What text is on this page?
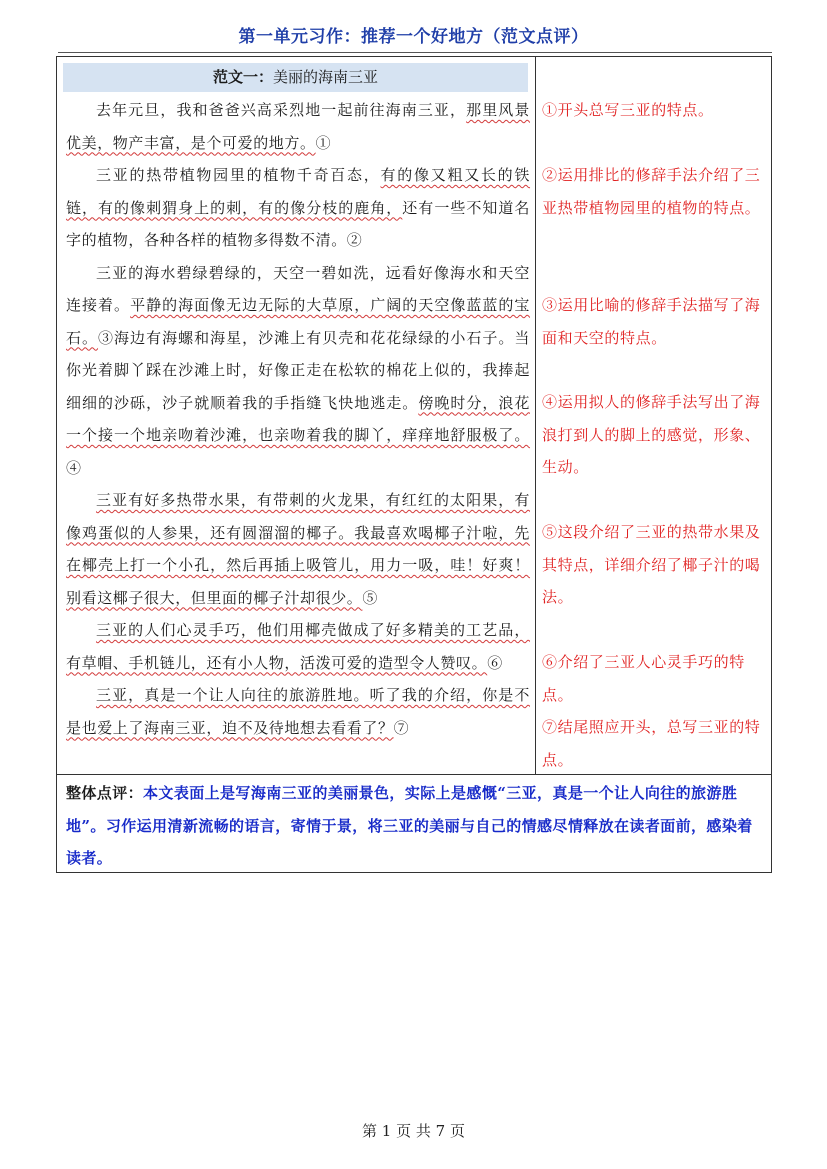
第一单元习作：推荐一个好地方（范文点评）
范文一：美丽的海南三亚

去年元旦，我和爸爸兴高采烈地一起前往海南三亚，那里风景优美，物产丰富，是个可爱的地方。①

三亚的热带植物园里的植物千奇百态，有的像又粗又长的铁链，有的像刺猬身上的刺，有的像分枝的鹿角，还有一些不知道名字的植物，各种各样的植物多得数不清。②

三亚的海水碧绿碧绿的，天空一碧如洗，远看好像海水和天空连接着。平静的海面像无边无际的大草原，广阔的天空像蓝蓝的宝石。③海边有海螺和海星，沙滩上有贝壳和花花绿绿的小石子。当你光着脚丫踩在沙滩上时，好像正走在松软的棉花上似的，我捧起细细的沙砾，沙子就顺着我的手指缝飞快地逃走。傍晚时分，浪花一个接一个地亲吻着沙滩，也亲吻着我的脚丫，痒痒地舒服极了。④

三亚有好多热带水果，有带刺的火龙果，有红红的太阳果，有像鸡蛋似的人参果，还有圆溜溜的椰子。我最喜欢喝椰子汁啦，先在椰壳上打一个小孔，然后再插上吸管儿，用力一吸，哇！好爽！别看这椰子很大，但里面的椰子汁却很少。⑤

三亚的人们心灵手巧，他们用椰壳做成了好多精美的工艺品，有草帽、手机链儿，还有小人物，活泼可爱的造型令人赞叹。⑥

三亚，真是一个让人向往的旅游胜地。听了我的介绍，你是不是也爱上了海南三亚，迫不及待地想去看看了？⑦

①开头总写三亚的特点。

②运用排比的修辞手法介绍了三亚热带植物园里的植物的特点。

③运用比喻的修辞手法描写了海面和天空的特点。

④运用拟人的修辞手法写出了海浪打到人的脚上的感觉，形象、生动。

⑤这段介绍了三亚的热带水果及其特点，详细介绍了椰子汁的喝法。

⑥介绍了三亚人心灵手巧的特点。

⑦结尾照应开头，总写三亚的特点。

整体点评：本文表面上是写海南三亚的美丽景色，实际上是感慨“三亚，真是一个让人向往的旅游胜地”。习作运用清新流畅的语言，寄情于景，将三亚的美丽与自己的情感尽情释放在读者面前，感染着读者。

第 1 页 共 7 页
